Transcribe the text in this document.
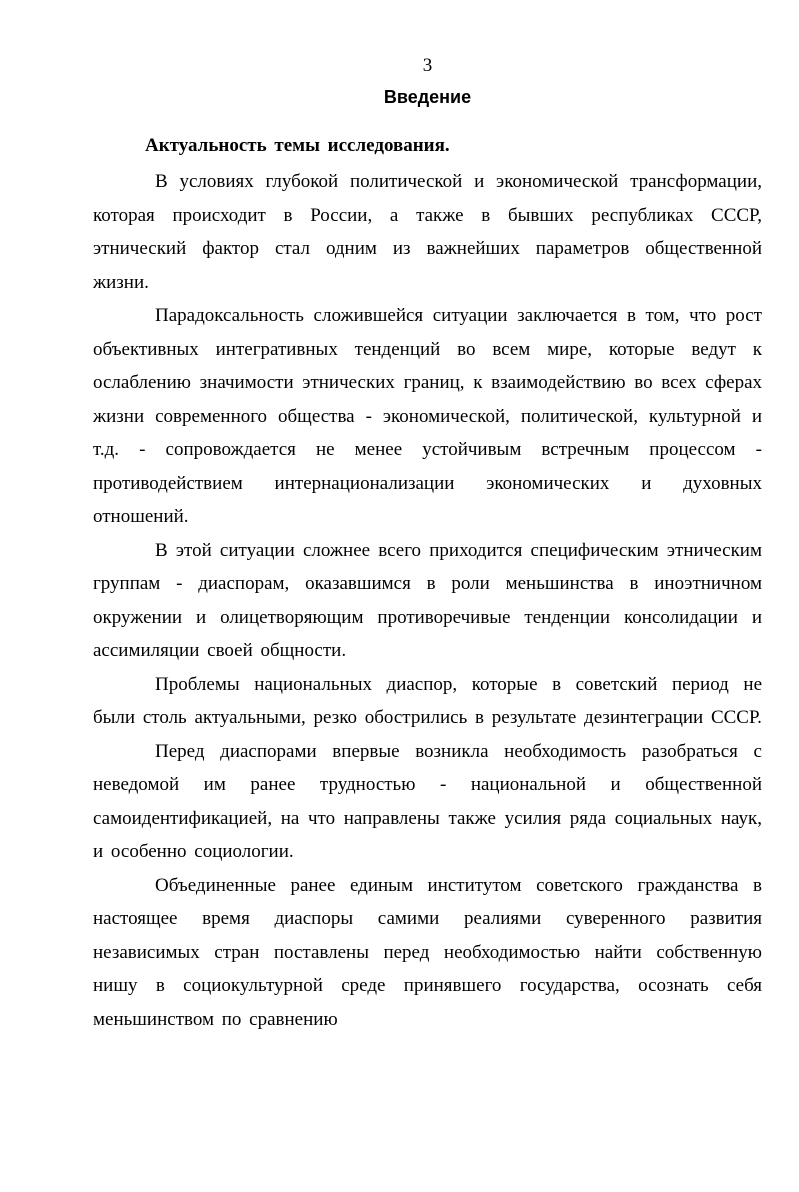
3
Введение

Актуальность темы исследования.

В условиях глубокой политической и экономической трансформации, которая происходит в России, а также в бывших республиках СССР, этнический фактор стал одним из важнейших параметров общественной жизни.

Парадоксальность сложившейся ситуации заключается в том, что рост объективных интегративных тенденций во всем мире, которые ведут к ослаблению значимости этнических границ, к взаимодействию во всех сферах жизни современного общества - экономической, политической, культурной и т.д. - сопровождается не менее устойчивым встречным процессом - противодействием интернационализации экономических и духовных отношений.

В этой ситуации сложнее всего приходится специфическим этническим группам - диаспорам, оказавшимся в роли меньшинства в иноэтничном окружении и олицетворяющим противоречивые тенденции консолидации и ассимиляции своей общности.

Проблемы национальных диаспор, которые в советский период не были столь актуальными, резко обострились в результате дезинтеграции СССР.

Перед диаспорами впервые возникла необходимость разобраться с неведомой им ранее трудностью - национальной и общественной самоидентификацией, на что направлены также усилия ряда социальных наук, и особенно социологии.

Объединенные ранее единым институтом советского гражданства в настоящее время диаспоры самими реалиями суверенного развития независимых стран поставлены перед необходимостью найти собственную нишу в социокультурной среде принявшего государства, осознать себя меньшинством по сравнению
